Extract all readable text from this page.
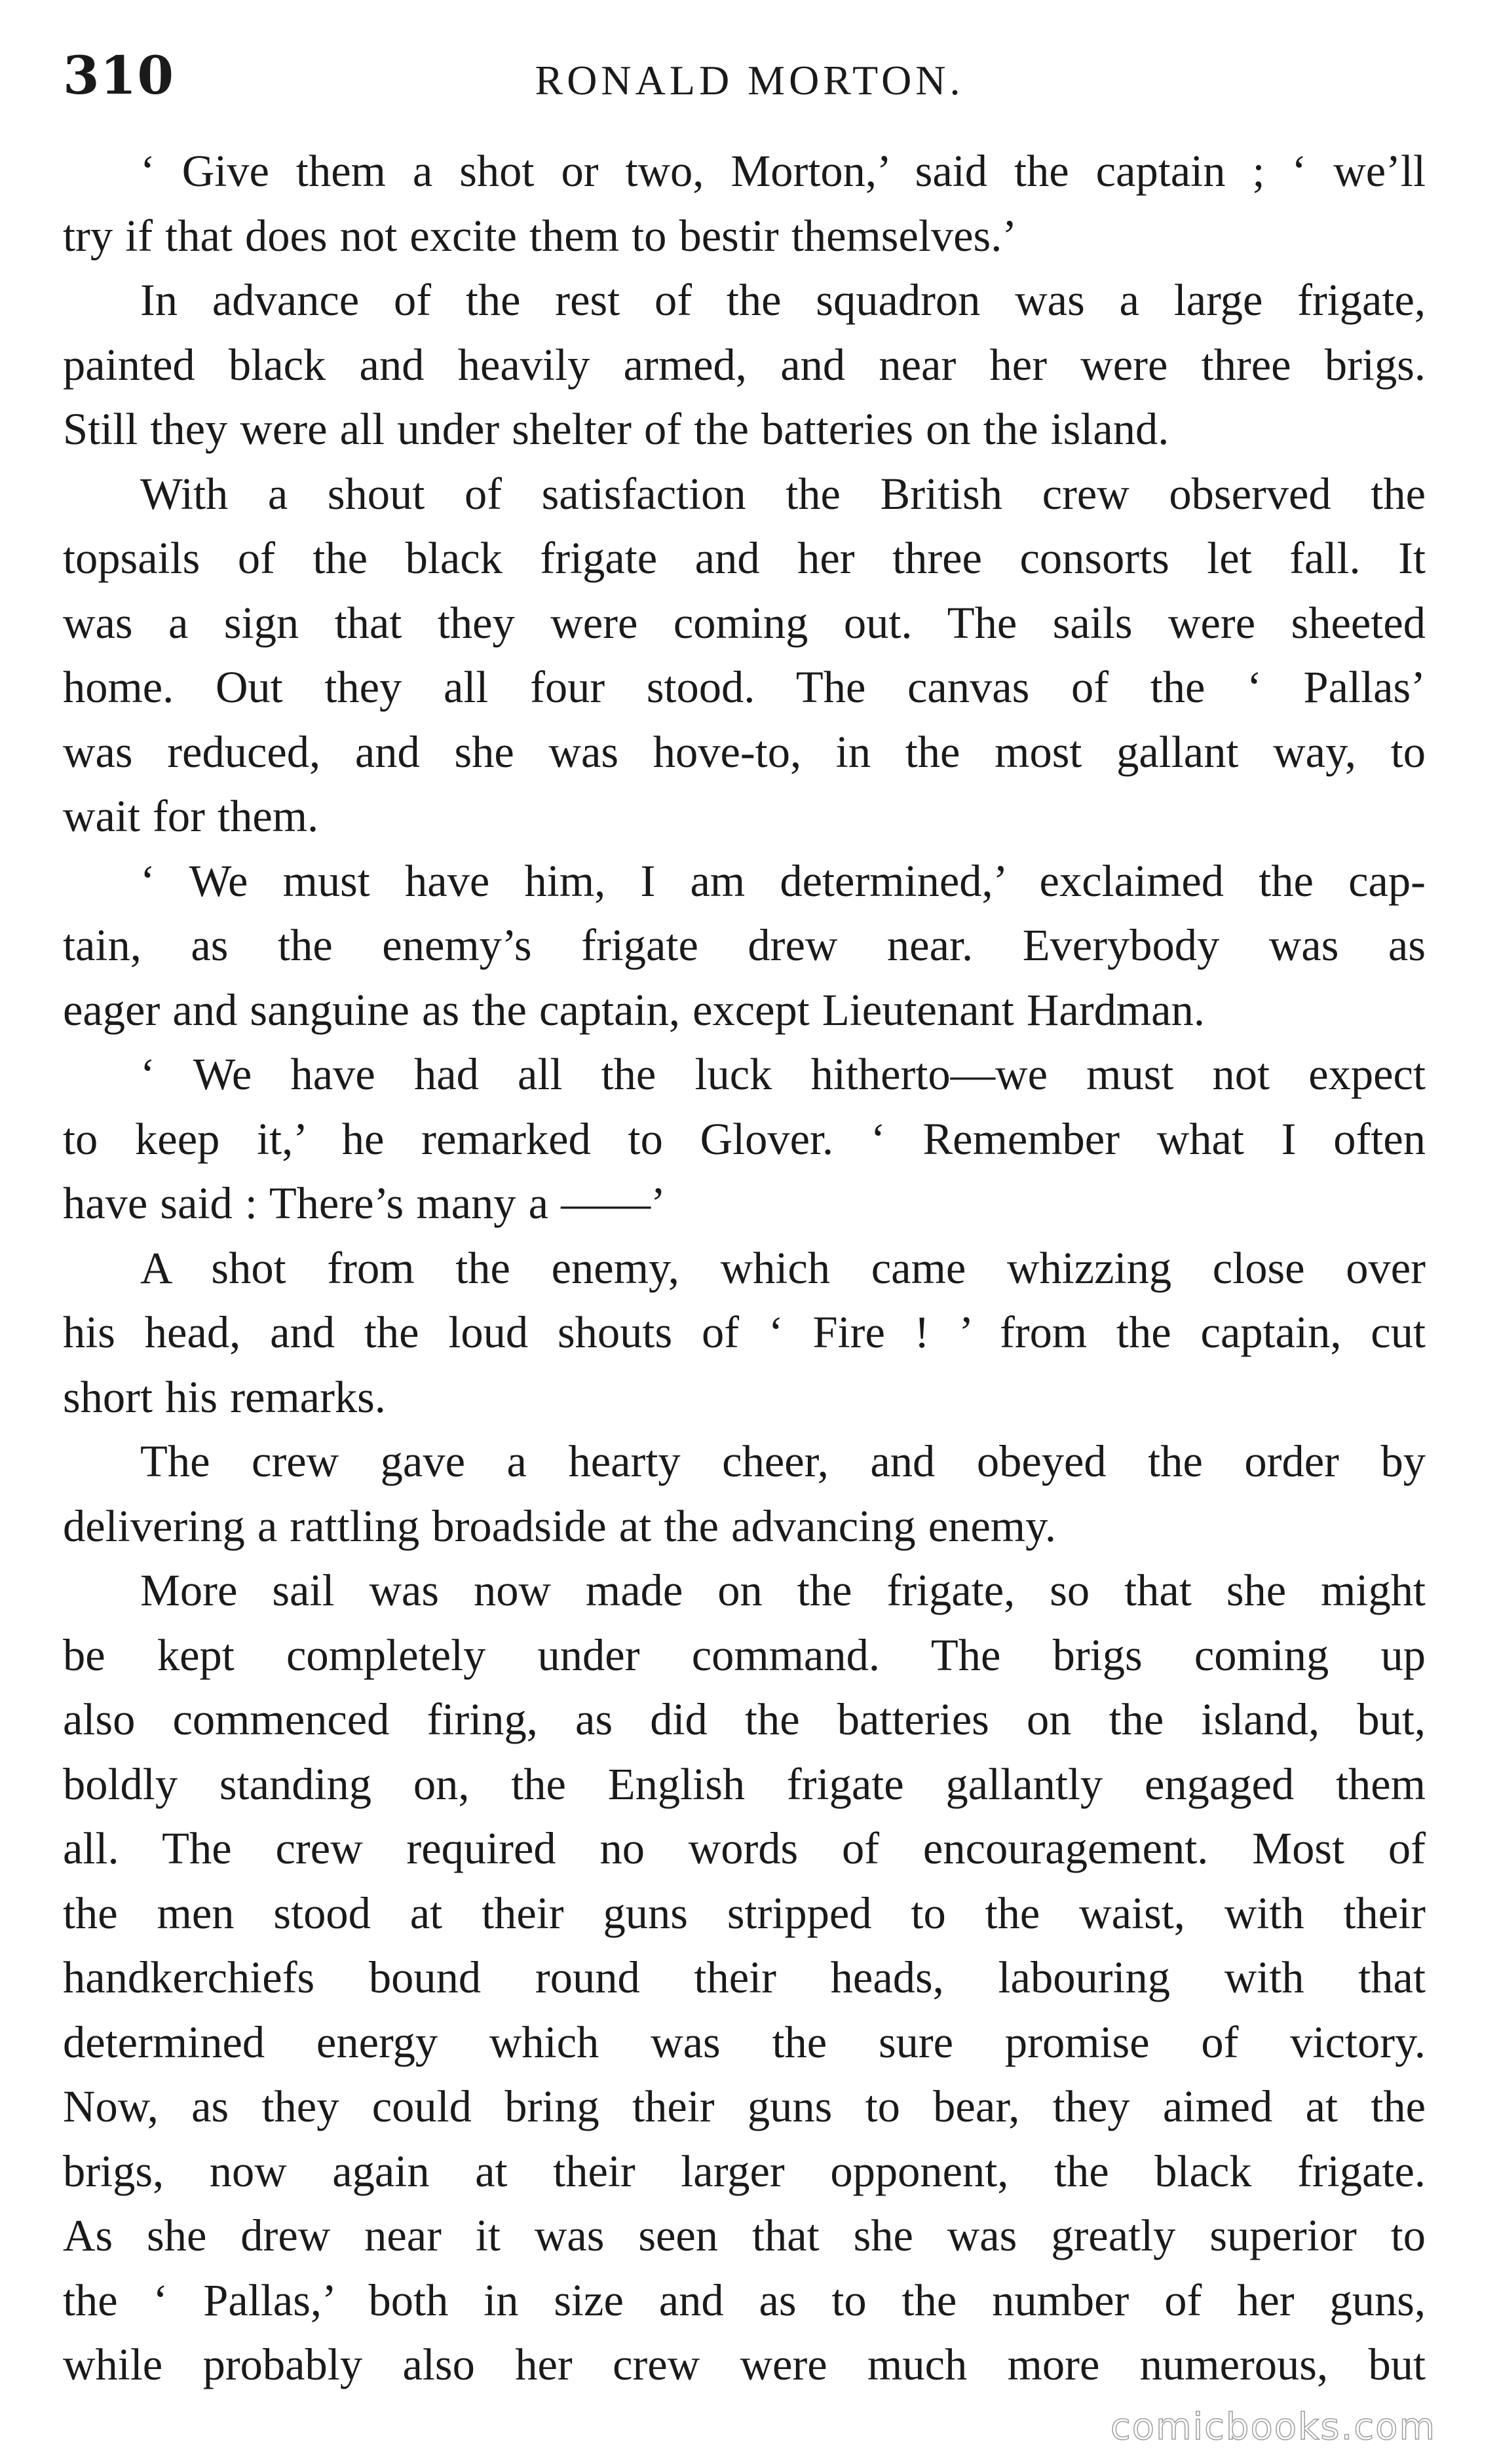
310	RONALD MORTON.
‘ Give them a shot or two, Morton,’ said the captain ; ‘ we’ll
try if that does not excite them to bestir themselves.’
In advance of the rest of the squadron was a large frigate,
painted black and heavily armed, and near her were three brigs.
Still they were all under shelter of the batteries on the island.
With a shout of satisfaction the British crew observed the
topsails of the black frigate and her three consorts let fall. It
was a sign that they were coming out. The sails were sheeted
home. Out they all four stood. The canvas of the ‘ Pallas’
was reduced, and she was hove-to, in the most gallant way, to
wait for them.
‘ We must have him, I am determined,’ exclaimed the cap-
tain, as the enemy’s frigate drew near. Everybody was as
eager and sanguine as the captain, except Lieutenant Hardman.
‘ We have had all the luck hitherto—we must not expect
to keep it,’ he remarked to Glover. ‘ Remember what I often
have said : There’s many a ——’
A shot from the enemy, which came whizzing close over
his head, and the loud shouts of ‘ Fire ! ’ from the captain, cut
short his remarks.
The crew gave a hearty cheer, and obeyed the order by
delivering a rattling broadside at the advancing enemy.
More sail was now made on the frigate, so that she might
be kept completely under command. The brigs coming up
also commenced firing, as did the batteries on the island, but,
boldly standing on, the English frigate gallantly engaged them
all. The crew required no words of encouragement. Most of
the men stood at their guns stripped to the waist, with their
handkerchiefs bound round their heads, labouring with that
determined energy which was the sure promise of victory.
Now, as they could bring their guns to bear, they aimed at the
brigs, now again at their larger opponent, the black frigate.
As she drew near it was seen that she was greatly superior to
the ‘ Pallas,’ both in size and as to the number of her guns,
while probably also her crew were much more numerous, but
comicbooks.com
